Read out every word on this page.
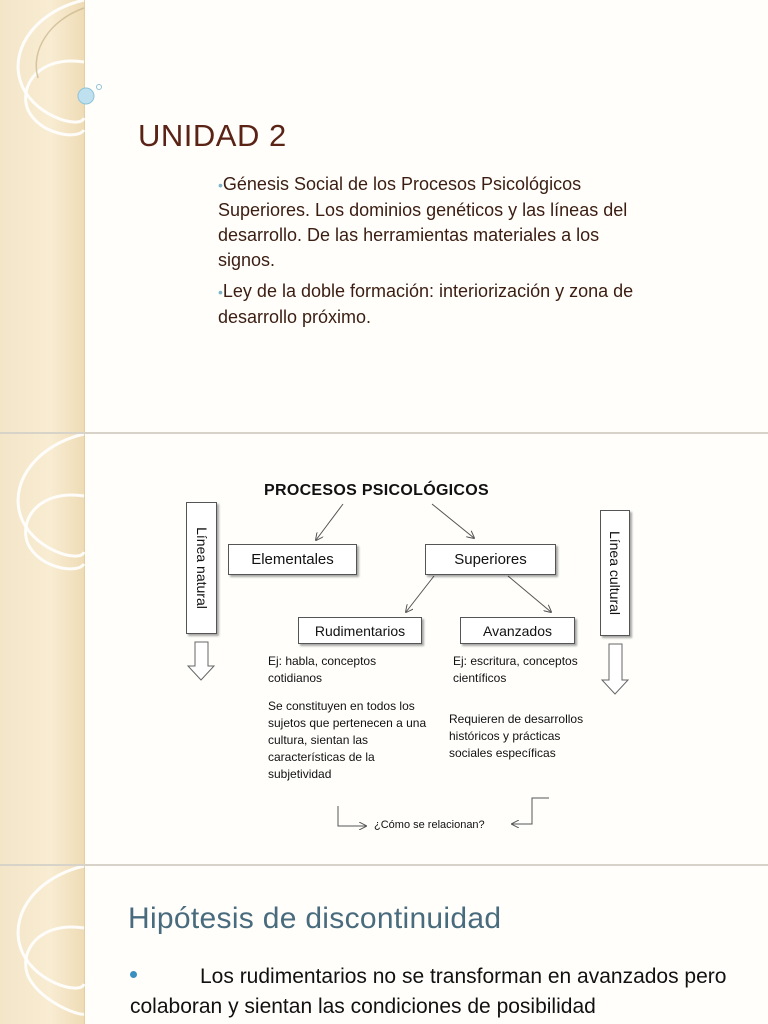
UNIDAD 2

•Génesis Social de los Procesos Psicológicos Superiores. Los dominios genéticos y las líneas del desarrollo. De las herramientas materiales a los signos.

•Ley de la doble formación: interiorización y zona de desarrollo próximo.

PROCESOS PSICOLÓGICOS
Línea natural	Línea cultural
Elementales	Superiores
Rudimentarios	Avanzados
Ej: habla, conceptos cotidianos
Ej: escritura, conceptos científicos
Se constituyen en todos los sujetos que pertenecen a una cultura, sientan las características de la subjetividad
Requieren de desarrollos históricos y prácticas sociales específicas
¿Cómo se relacionan?
Hipótesis de discontinuidad
Los rudimentarios no se transforman en avanzados pero colaboran y sientan las condiciones de posibilidad
